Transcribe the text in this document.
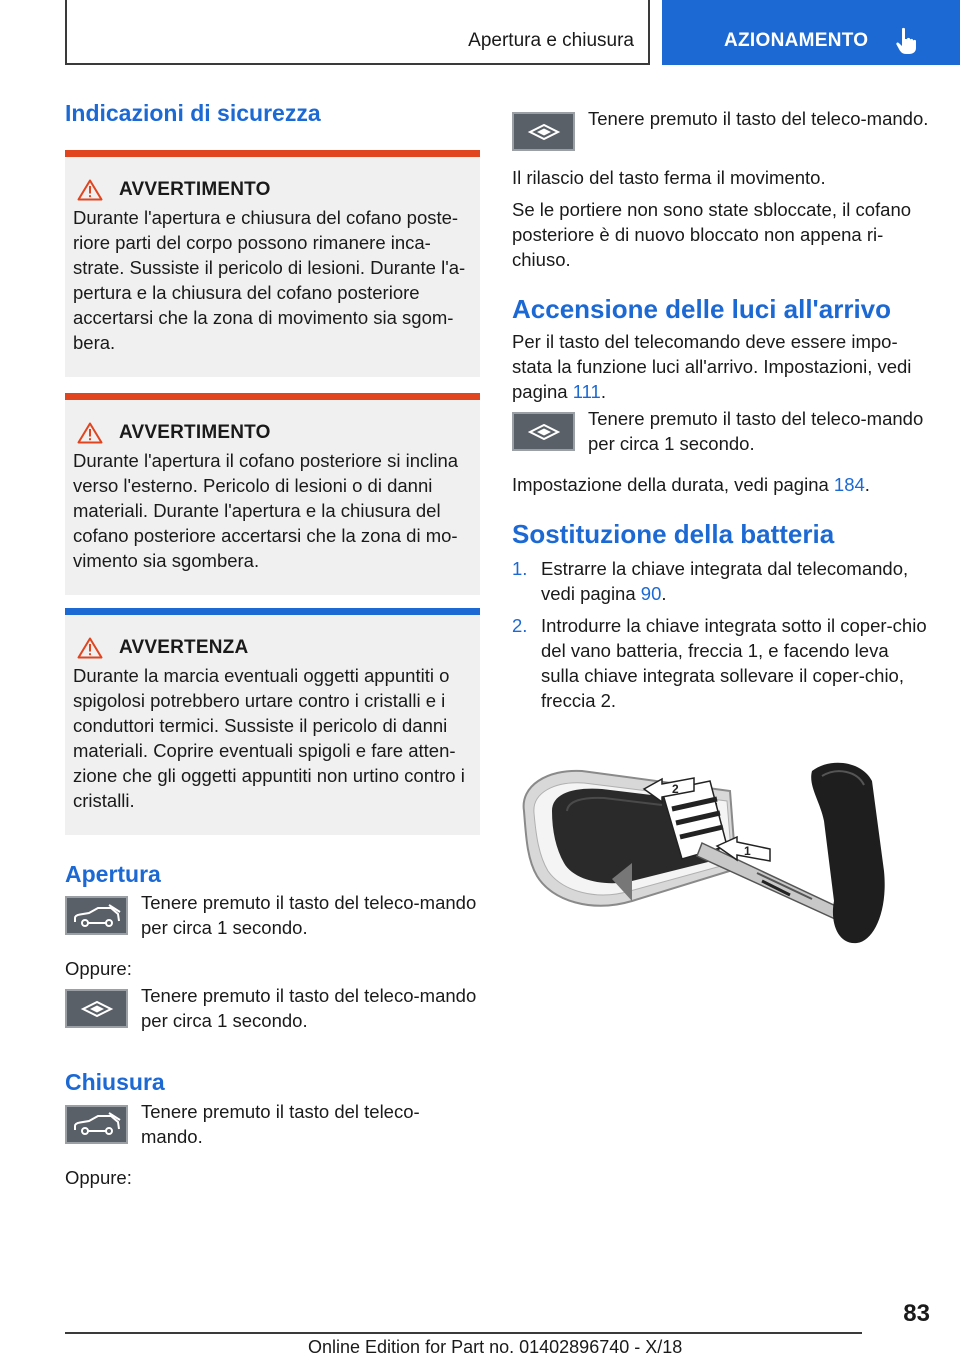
Apertura e chiusura	AZIONAMENTO
Indicazioni di sicurezza
AVVERTIMENTO
Durante l'apertura e chiusura del cofano poste-riore parti del corpo possono rimanere inca-strate. Sussiste il pericolo di lesioni. Durante l'a-pertura e la chiusura del cofano posteriore accertarsi che la zona di movimento sia sgom-bera.
AVVERTIMENTO
Durante l'apertura il cofano posteriore si inclina verso l'esterno. Pericolo di lesioni o di danni materiali. Durante l'apertura e la chiusura del cofano posteriore accertarsi che la zona di mo-vimento sia sgombera.
AVVERTENZA
Durante la marcia eventuali oggetti appuntiti o spigolosi potrebbero urtare contro i cristalli e i conduttori termici. Sussiste il pericolo di danni materiali. Coprire eventuali spigoli e fare atten-zione che gli oggetti appuntiti non urtino contro i cristalli.
Apertura
Tenere premuto il tasto del teleco-mando per circa 1 secondo.
Oppure:
Tenere premuto il tasto del teleco-mando per circa 1 secondo.
Chiusura
Tenere premuto il tasto del teleco-mando.
Oppure:
Tenere premuto il tasto del teleco-mando.
Il rilascio del tasto ferma il movimento.
Se le portiere non sono state sbloccate, il cofano posteriore è di nuovo bloccato non appena ri-chiuso.
Accensione delle luci all'arrivo
Per il tasto del telecomando deve essere impo-stata la funzione luci all'arrivo. Impostazioni, vedi pagina 111.
Tenere premuto il tasto del teleco-mando per circa 1 secondo.
Impostazione della durata, vedi pagina 184.
Sostituzione della batteria
1. Estrarre la chiave integrata dal telecomando, vedi pagina 90.
2. Introdurre la chiave integrata sotto il coper-chio del vano batteria, freccia 1, e facendo leva sulla chiave integrata sollevare il coper-chio, freccia 2.
2
1
83
Online Edition for Part no. 01402896740 - X/18
